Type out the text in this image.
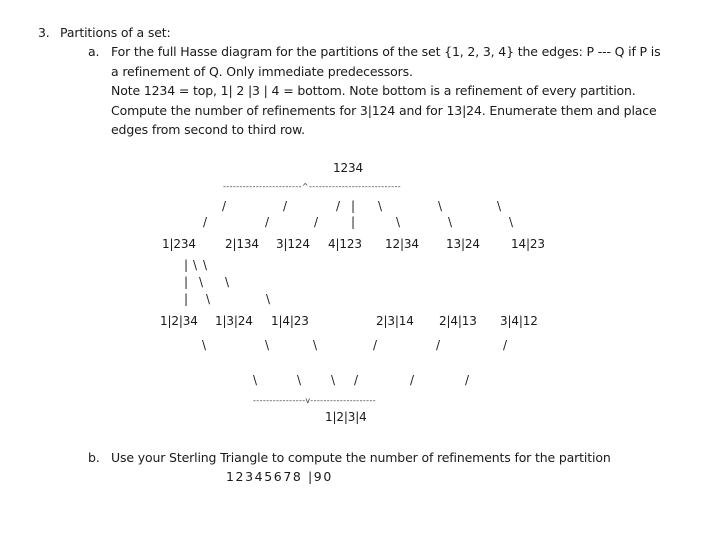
3. Partitions of a set:
a. For the full Hasse diagram for the partitions of the set {1, 2, 3, 4} the edges: P --- Q if P is a refinement of Q. Only immediate predecessors.
Note 1234 = top, 1| 2 |3 | 4 = bottom. Note bottom is a refinement of every partition. Compute the number of refinements for 3|124 and for 13|24. Enumerate them and place edges from second to third row.
1234
------------------------^----------------------------
/
/
/
/
/
/
|
|
\
\
\
\
\
\
1|234 2|134 3|124 4|123 12|34 13|24	14|23
| \ \
| \ \
| \	\
1|2|34 1|3|24 1|4|23	2|3|14 2|4|13 3|4|12
\	\	\	/	/	/
\	\	\ /	/	/
----------------v--------------------
1|2|3|4
b. Use your Sterling Triangle to compute the number of refinements for the partition
12345678 |90
